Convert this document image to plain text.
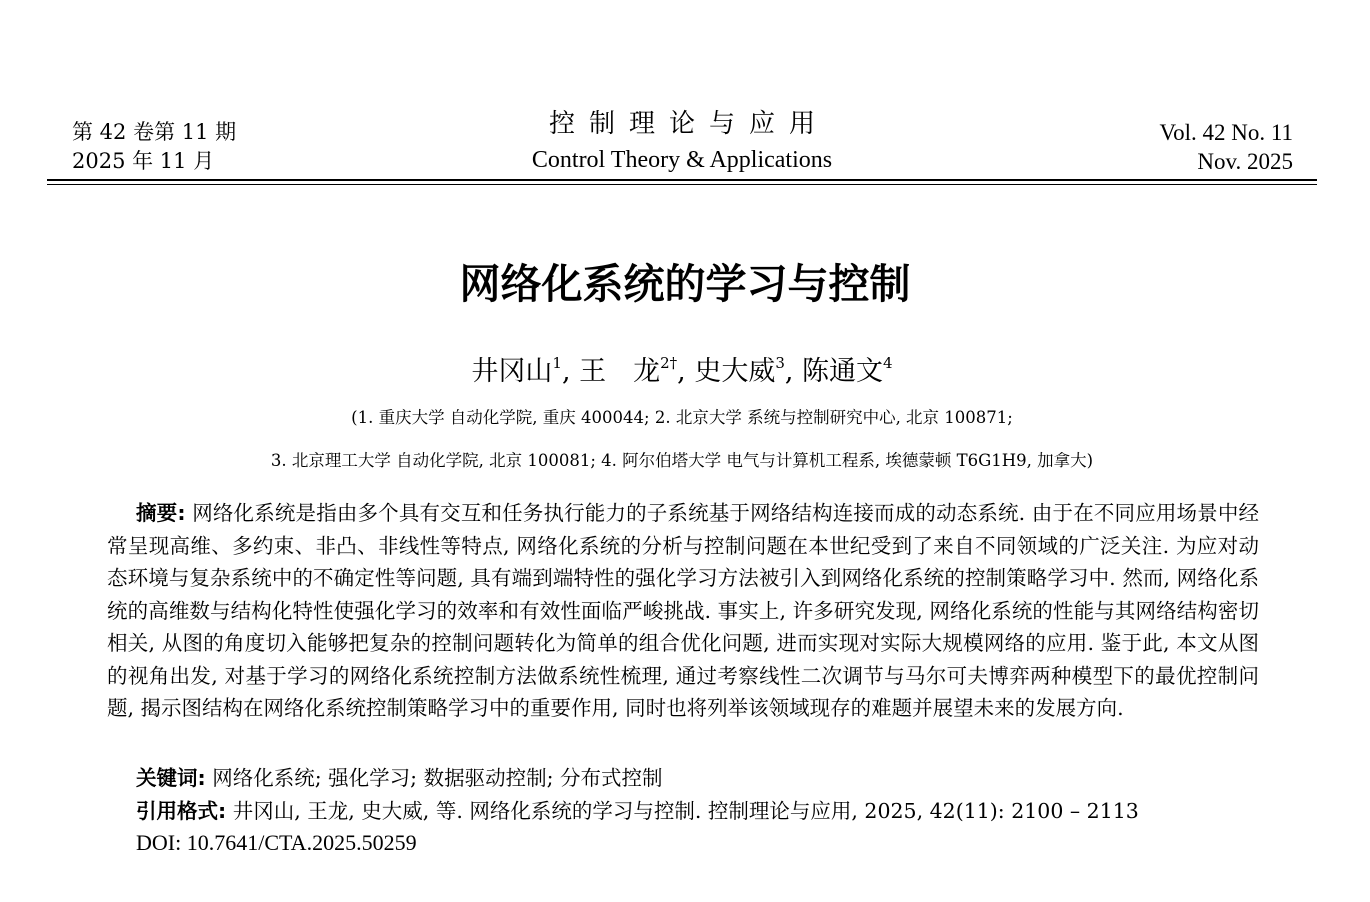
第 42 卷第 11 期
2025 年 11 月
控制理论与应用
Control Theory & Applications
Vol. 42 No. 11
Nov. 2025
网络化系统的学习与控制
井冈山$^1$, 王　龙$^{2\dagger}$, 史大威$^3$, 陈通文$^4$
(1. 重庆大学 自动化学院, 重庆 400044; 2. 北京大学 系统与控制研究中心, 北京 100871;
3. 北京理工大学 自动化学院, 北京 100081; 4. 阿尔伯塔大学 电气与计算机工程系, 埃德蒙顿 T6G1H9, 加拿大)
摘要: 网络化系统是指由多个具有交互和任务执行能力的子系统基于网络结构连接而成的动态系统. 由于在不同应用场景中经常呈现高维、多约束、非凸、非线性等特点, 网络化系统的分析与控制问题在本世纪受到了来自不同领域的广泛关注. 为应对动态环境与复杂系统中的不确定性等问题, 具有端到端特性的强化学习方法被引入到网络化系统的控制策略学习中. 然而, 网络化系统的高维数与结构化特性使强化学习的效率和有效性面临严峻挑战. 事实上, 许多研究发现, 网络化系统的性能与其网络结构密切相关, 从图的角度切入能够把复杂的控制问题转化为简单的组合优化问题, 进而实现对实际大规模网络的应用. 鉴于此, 本文从图的视角出发, 对基于学习的网络化系统控制方法做系统性梳理, 通过考察线性二次调节与马尔可夫博弈两种模型下的最优控制问题, 揭示图结构在网络化系统控制策略学习中的重要作用, 同时也将列举该领域现存的难题并展望未来的发展方向.
关键词: 网络化系统; 强化学习; 数据驱动控制; 分布式控制
引用格式: 井冈山, 王龙, 史大威, 等. 网络化系统的学习与控制. 控制理论与应用, 2025, 42(11): 2100 – 2113
DOI: 10.7641/CTA.2025.50259
